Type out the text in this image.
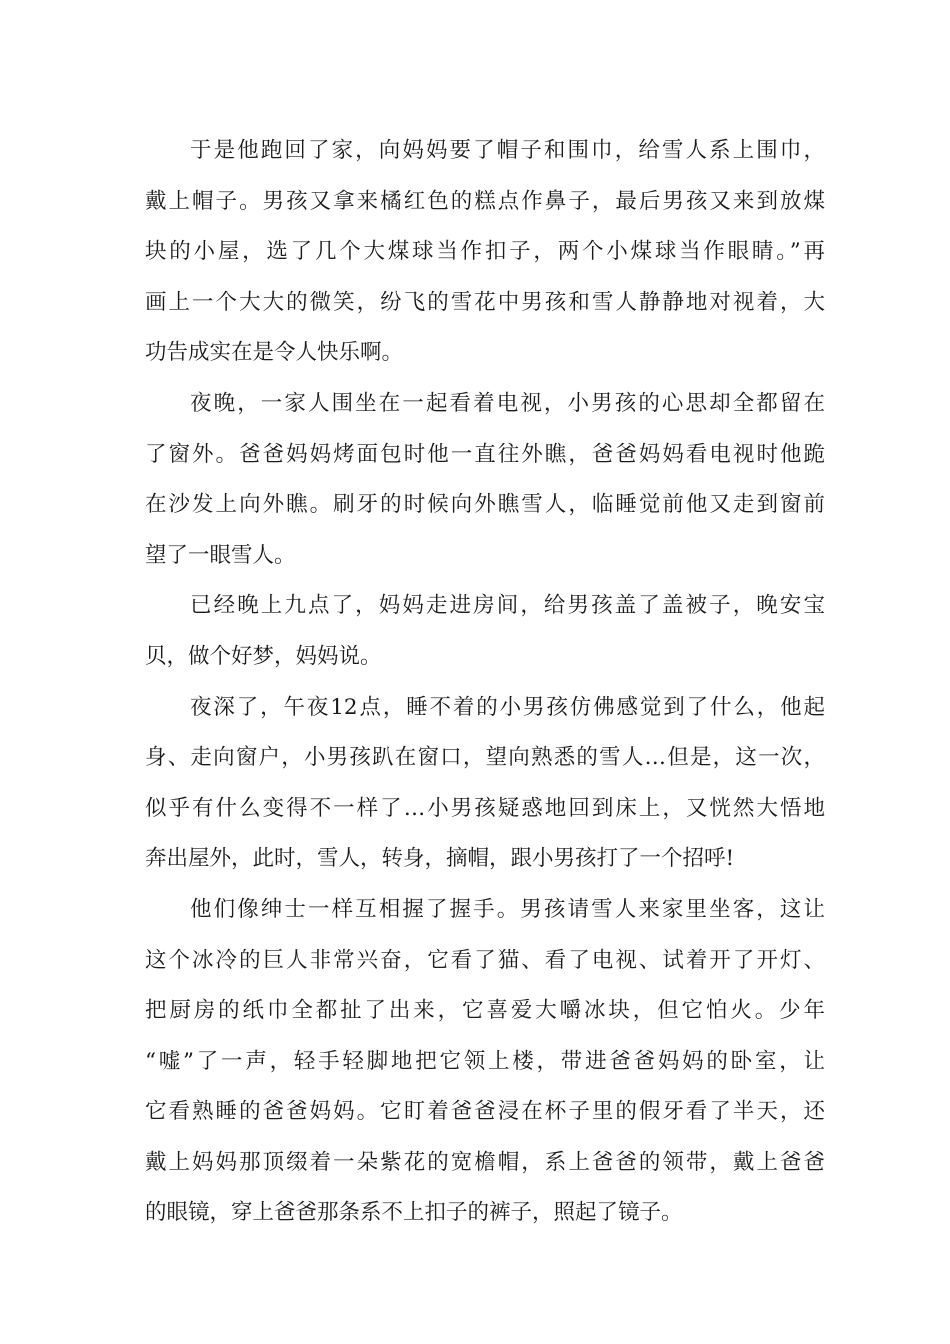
于是他跑回了家，向妈妈要了帽子和围巾，给雪人系上围巾，
戴上帽子。男孩又拿来橘红色的糕点作鼻子，最后男孩又来到放煤
块的小屋，选了几个大煤球当作扣子，两个小煤球当作眼睛。”再
画上一个大大的微笑，纷飞的雪花中男孩和雪人静静地对视着，大
功告成实在是令人快乐啊。
夜晚，一家人围坐在一起看着电视，小男孩的心思却全都留在
了窗外。爸爸妈妈烤面包时他一直往外瞧，爸爸妈妈看电视时他跪
在沙发上向外瞧。刷牙的时候向外瞧雪人，临睡觉前他又走到窗前
望了一眼雪人。
已经晚上九点了，妈妈走进房间，给男孩盖了盖被子，晚安宝
贝，做个好梦，妈妈说。
夜深了，午夜12点，睡不着的小男孩仿佛感觉到了什么，他起
身、走向窗户，小男孩趴在窗口，望向熟悉的雪人…但是，这一次，
似乎有什么变得不一样了…小男孩疑惑地回到床上，又恍然大悟地
奔出屋外，此时，雪人，转身，摘帽，跟小男孩打了一个招呼!
他们像绅士一样互相握了握手。男孩请雪人来家里坐客，这让
这个冰冷的巨人非常兴奋，它看了猫、看了电视、试着开了开灯、
把厨房的纸巾全都扯了出来，它喜爱大嚼冰块，但它怕火。少年
“嘘”了一声，轻手轻脚地把它领上楼，带进爸爸妈妈的卧室，让
它看熟睡的爸爸妈妈。它盯着爸爸浸在杯子里的假牙看了半天，还
戴上妈妈那顶缀着一朵紫花的宽檐帽，系上爸爸的领带，戴上爸爸
的眼镜，穿上爸爸那条系不上扣子的裤子，照起了镜子。
